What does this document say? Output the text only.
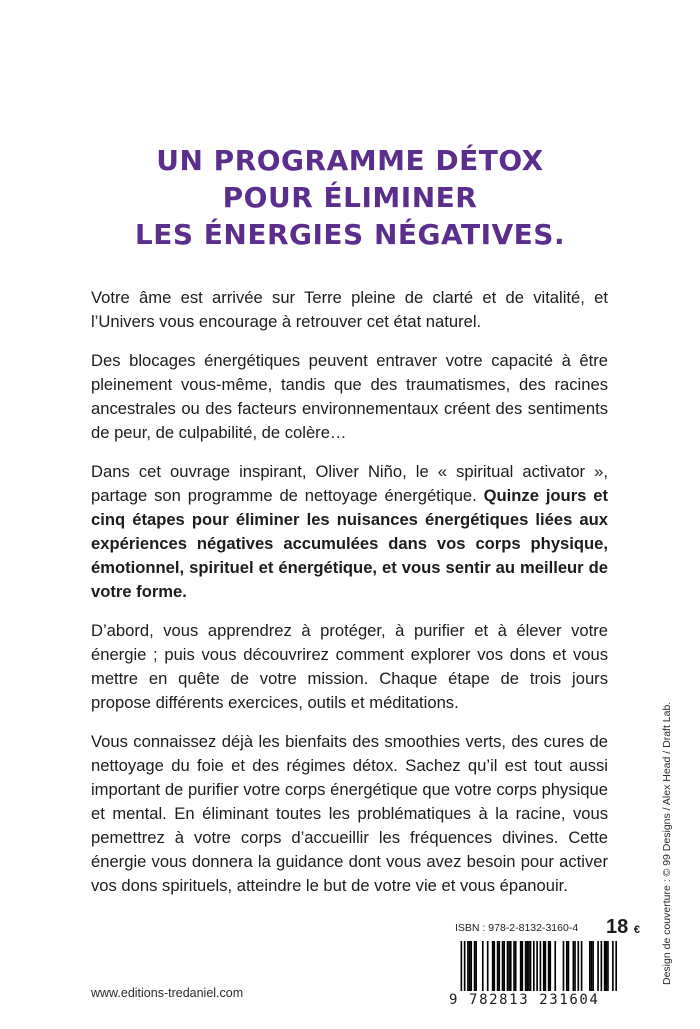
UN PROGRAMME DÉTOX
POUR ÉLIMINER
LES ÉNERGIES NÉGATIVES.

Votre âme est arrivée sur Terre pleine de clarté et de vitalité, et l’Univers vous encourage à retrouver cet état naturel.

Des blocages énergétiques peuvent entraver votre capacité à être pleinement vous-même, tandis que des traumatismes, des racines ancestrales ou des facteurs environnementaux créent des sentiments de peur, de culpabilité, de colère…

Dans cet ouvrage inspirant, Oliver Niño, le « spiritual activator », partage son programme de nettoyage énergétique. Quinze jours et cinq étapes pour éliminer les nuisances énergétiques liées aux expériences négatives accumulées dans vos corps physique, émotionnel, spirituel et énergétique, et vous sentir au meilleur de votre forme.

D’abord, vous apprendrez à protéger, à purifier et à élever votre énergie ; puis vous découvrirez comment explorer vos dons et vous mettre en quête de votre mission. Chaque étape de trois jours propose différents exercices, outils et méditations.

Vous connaissez déjà les bienfaits des smoothies verts, des cures de nettoyage du foie et des régimes détox. Sachez qu’il est tout aussi important de purifier votre corps énergétique que votre corps physique et mental. En éliminant toutes les problématiques à la racine, vous pemettrez à votre corps d’accueillir les fréquences divines. Cette énergie vous donnera la guidance dont vous avez besoin pour activer vos dons spirituels, atteindre le but de votre vie et vous épanouir.	Design de couverture : © 99 Designs / Alex Head / Draft Lab.
ISBN : 978-2-8132-3160-4 18 €
9 782813 231604
www.editions-tredaniel.com
